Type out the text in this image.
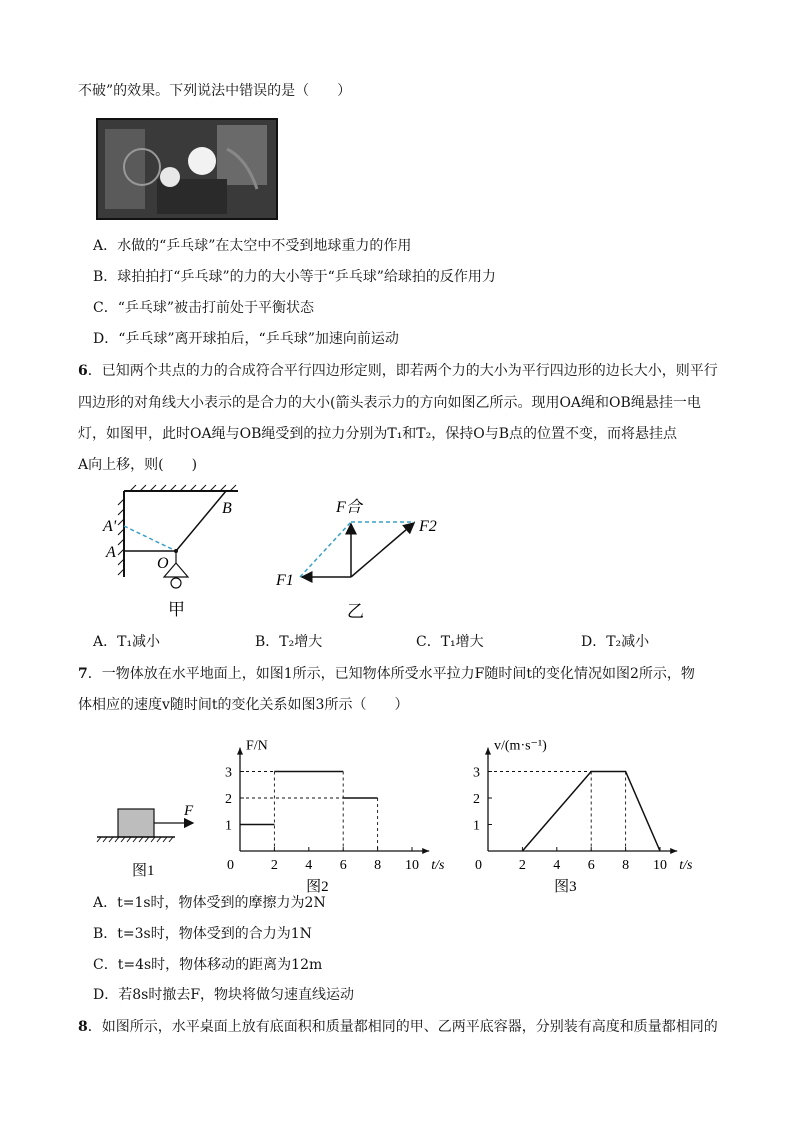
不破”的效果。下列说法中错误的是（　　）
A．水做的“乒乓球”在太空中不受到地球重力的作用
B．球拍拍打“乒乓球”的力的大小等于“乒乓球”给球拍的反作用力
C．“乒乓球”被击打前处于平衡状态
D．“乒乓球”离开球拍后，“乒乓球”加速向前运动
6．已知两个共点的力的合成符合平行四边形定则，即若两个力的大小为平行四边形的边长大小，则平行
四边形的对角线大小表示的是合力的大小(箭头表示力的方向如图乙所示。现用OA绳和OB绳悬挂一电
灯，如图甲，此时OA绳与OB绳受到的拉力分别为T₁和T₂，保持O与B点的位置不变，而将悬挂点
A向上移，则(　　)
A'
A
B
O
甲
F合
F2
F1
乙
A．T₁减小	B．T₂增大	C．T₁增大	D．T₂减小
7．一物体放在水平地面上，如图1所示，已知物体所受水平拉力F随时间t的变化情况如图2所示，物
体相应的速度v随时间t的变化关系如图3所示（　　）
F
图1	0	2 4 6 8 10
1
2
3
t/s
F/N
图2
0	2 4 6 8 10
1
2
3
t/s
v/(m·s⁻¹)
图3
A．t=1s时，物体受到的摩擦力为2N
B．t=3s时，物体受到的合力为1N
C．t=4s时，物体移动的距离为12m
D．若8s时撤去F，物块将做匀速直线运动
8．如图所示，水平桌面上放有底面积和质量都相同的甲、乙两平底容器，分别装有高度和质量都相同的
